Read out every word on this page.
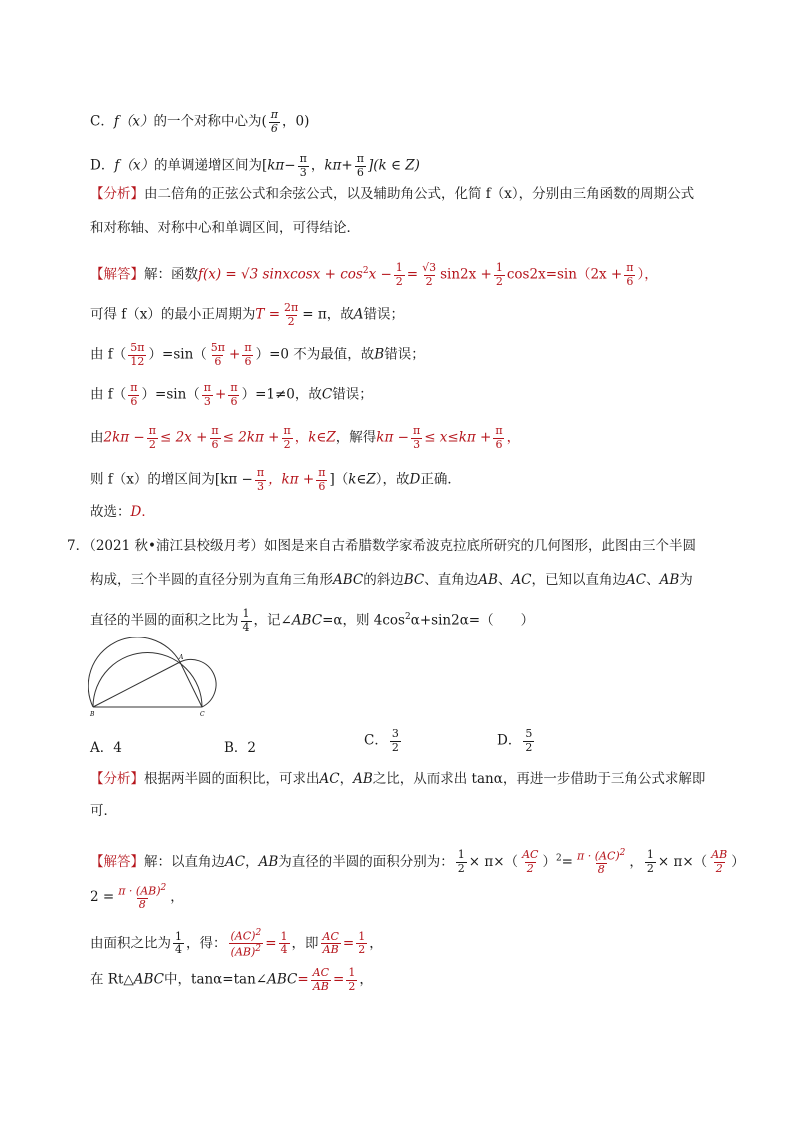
C．f（x）的一个对称中心为( $\frac{\pi}{6}$ ，0)
D．f（x）的单调递增区间为[$k\pi- \frac{\pi}{3}$ ，$k\pi+ \frac{\pi}{6} ](k$ ∈ Z)
【分析】由二倍角的正弦公式和余弦公式，以及辅助角公式，化简 f（x），分别由三角函数的周期公式
和对称轴、对称中心和单调区间，可得结论．
【解答】解：函数f(x) = √3 sinxcosx + $\cos^2x - \frac{1}{2} = \frac{√3}{2} \sin 2x + \frac{1}{2} \cos 2x=\sin(2x + \frac{\pi}{6}$ ），
可得 f（x）的最小正周期为$T = \frac{2\pi}{2} = \pi$，故A错误；
由 $f( \frac{5\pi}{12} )=\sin( \frac{5\pi}{6} + \frac{\pi}{6} )=0$ 不为最值，故B错误；
由 $f( \frac{\pi}{6} )=\sin( \frac{\pi}{3} + \frac{\pi}{6} )=1\ne 0$，故C错误；
由$2k\pi - \frac{\pi}{2} \le 2x + \frac{\pi}{6} \le 2k\pi + \frac{\pi}{2}$ ，k∈Z，解得$k\pi - \frac{\pi}{3} \le x\le k\pi + \frac{\pi}{6}$ ，
则 f（x）的增区间为[$k\pi - \frac{\pi}{3}$ ，$k\pi + \frac{\pi}{6}$ ]（k∈Z），故D正确．
故选：D．
7．（2021 秋•浦江县校级月考）如图是来自古希腊数学家希波克拉底所研究的几何图形，此图由三个半圆
构成，三个半圆的直径分别为直角三角形ABC的斜边BC、直角边AB、AC，已知以直角边AC、AB为
直径的半圆的面积之比为 $\frac{1}{4}$ ，记∠ABC=α，则 $4\cos^2\alpha+\sin 2\alpha=$（　　）
A
B	C
A．4	B．2	C． $\frac{3}{2}$	D． $\frac{5}{2}$
【分析】根据两半圆的面积比，可求出AC，AB之比，从而求出 tanα，再进一步借助于三角公式求解即
可．
【解答】解：以直角边AC，AB为直径的半圆的面积分别为： $\frac{1}{2} \times \pi\times( \frac{AC}{2} )^2= \frac{\pi \cdot (AC)^2}{8}$ ， $\frac{1}{2} \times \pi\times( \frac{AB}{2}$ ）
$2 = \frac{\pi \cdot (AB)^2}{8}$ ，
由面积之比为 $\frac{1}{4}$ ，得： $\frac{(AC)^2}{(AB)^2} = \frac{1}{4}$ ，即 $\frac{AC}{AB} = \frac{1}{2}$ ，
在 Rt△ABC中，tanα=tan∠ABC= $\frac{AC}{AB} = \frac{1}{2}$ ，
